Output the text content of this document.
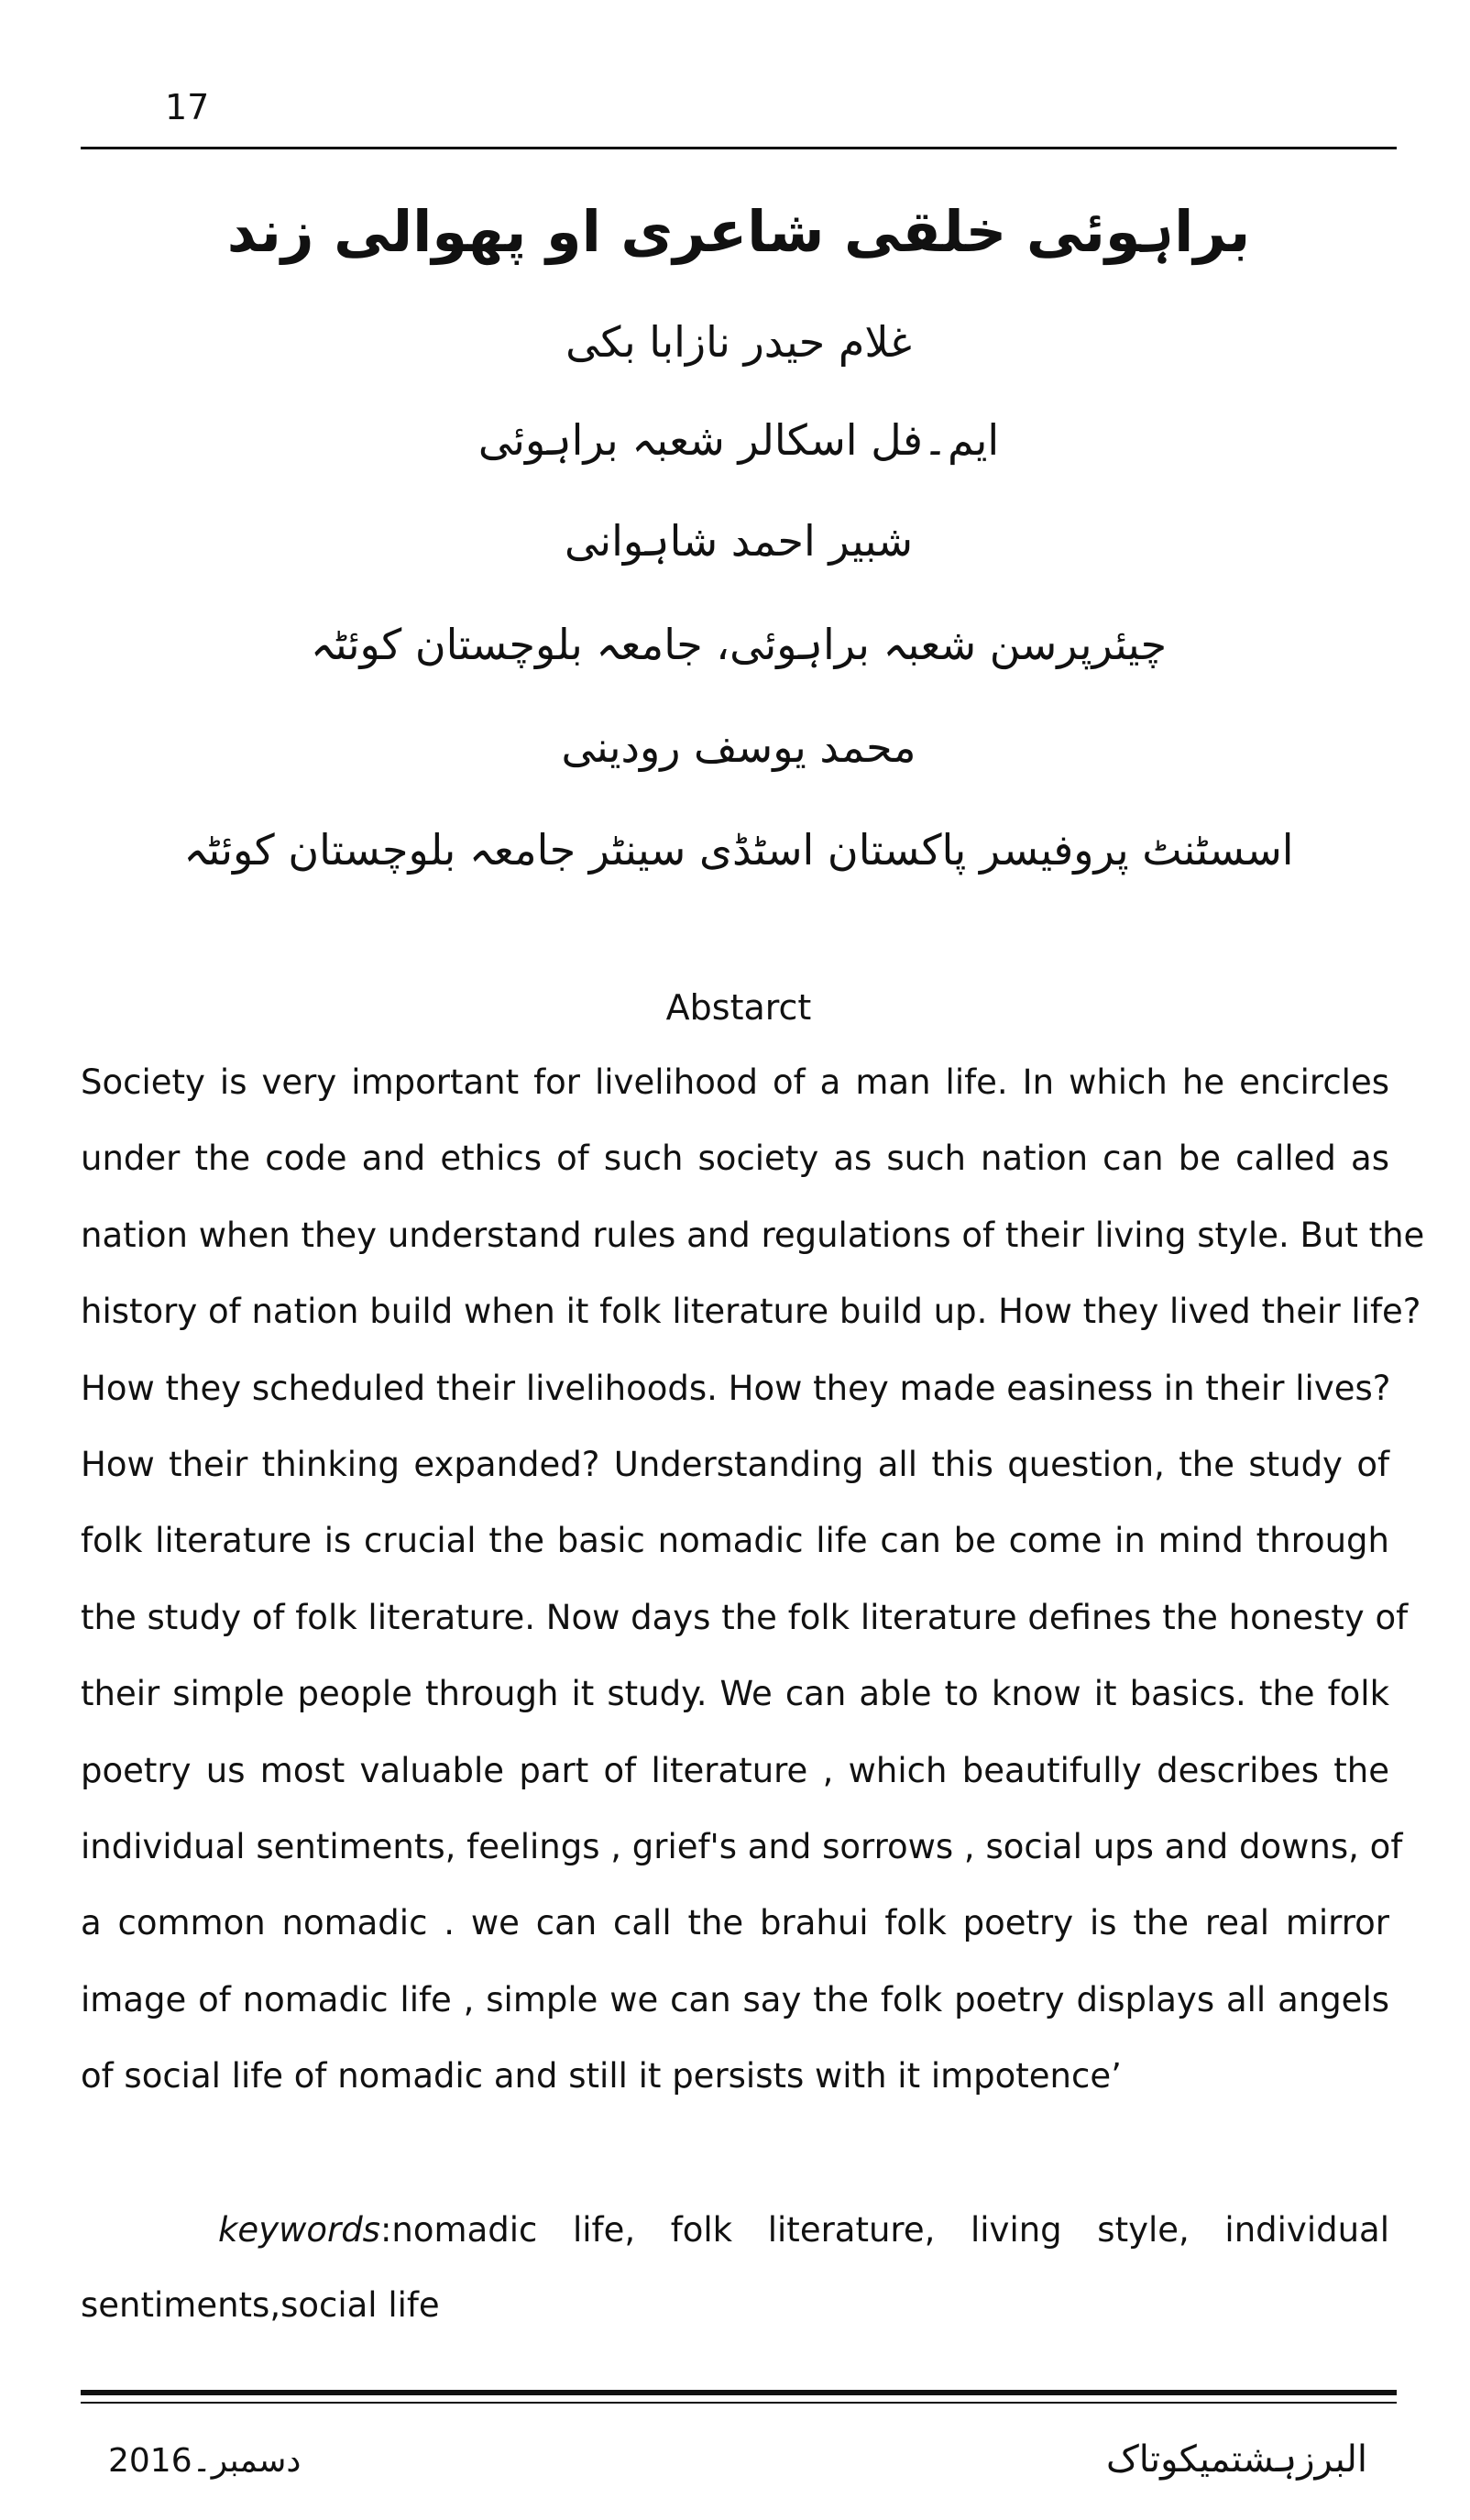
17
براہوئی خلقی شاعری او پھوالی زند
غلام حیدر نازابا بکی
ایم۔فل اسکالر شعبہ براہوئی
شبیر احمد شاہوانی
چیئرپرسن شعبہ براہوئی، جامعہ بلوچستان کوئٹہ
محمد یوسف رودینی
اسسٹنٹ پروفیسر پاکستان اسٹڈی سینٹر جامعہ بلوچستان کوئٹہ
Abstarct
Society is very important for livelihood of a man life. In which he encircles
under the code and ethics of such society as such nation can be called as
nation when they understand rules and regulations of their living style. But the
history of nation build when it folk literature build up. How they lived their life?
How they scheduled their livelihoods. How they made easiness in their lives?
How their thinking expanded? Understanding all this question, the study of
folk literature is crucial the basic nomadic life can be come in mind through
the study of folk literature. Now days the folk literature defines the honesty of
their simple people through it study. We can able to know it basics. the folk
poetry us most valuable part of literature , which beautifully describes the
individual sentiments, feelings , grief's and sorrows , social ups and downs, of
a common nomadic . we can call the brahui folk poetry is the real mirror
image of nomadic life , simple we can say the folk poetry displays all angels
of social life of nomadic and still it persists with it impotence’
keywords:nomadic life, folk literature, living style, individual
sentiments,social life
دسمبر۔2016	البرزہشتمیکوتاک
